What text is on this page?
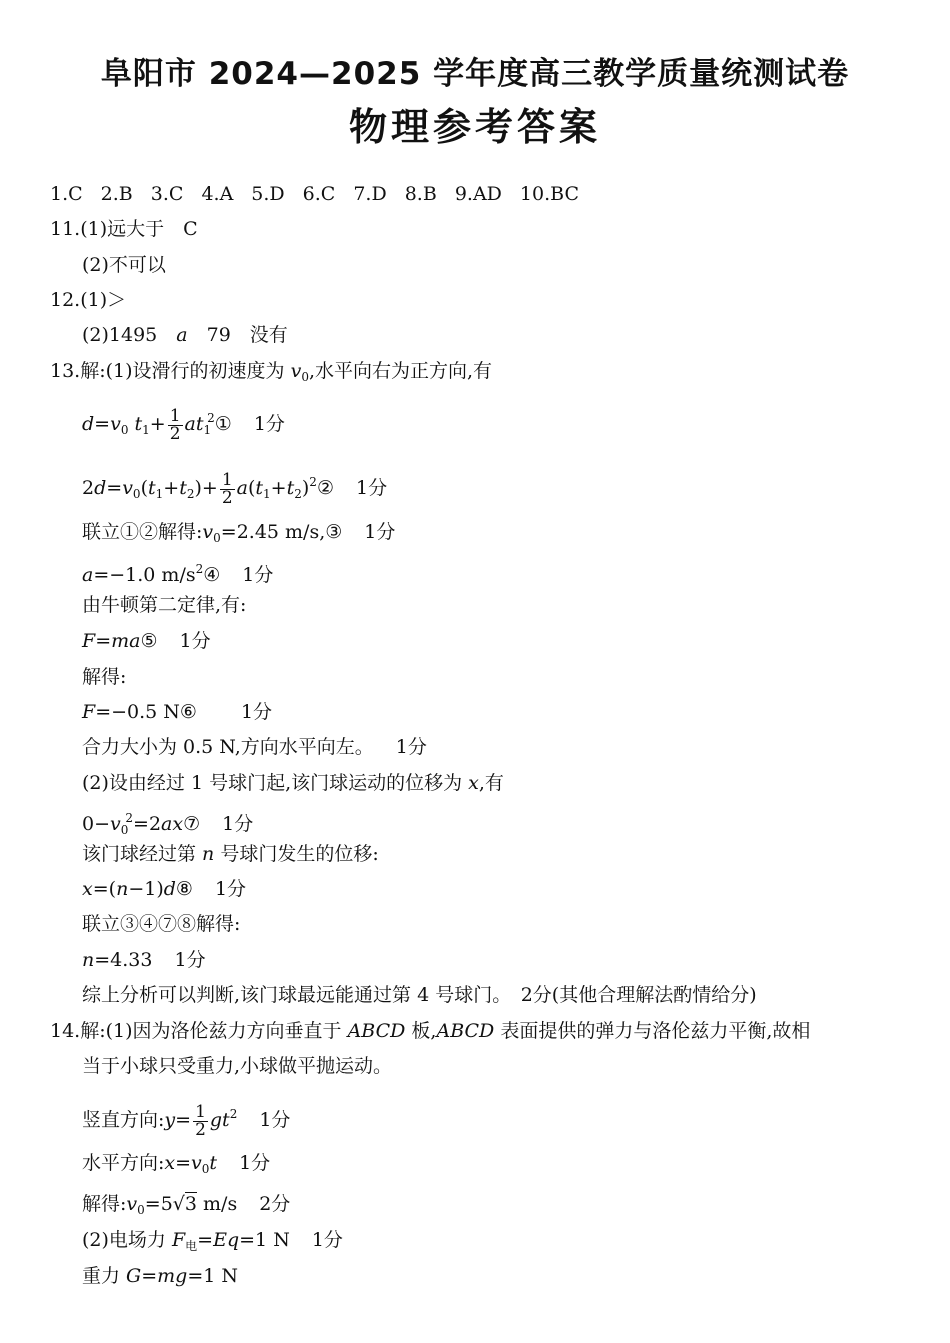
阜阳市 2024—2025 学年度高三教学质量统测试卷
物理参考答案
1.C 2.B 3.C 4.A 5.D 6.C 7.D 8.B 9.AD 10.BC
11.(1)远大于　C
(2)不可以
12.(1)＞
(2)1495　a　79　没有
13.解:(1)设滑行的初速度为 $v_0$,水平向右为正方向,有
$d=v_0$ $t_1+ \frac{1}{2}$ $at_1^2①$ 1分
$2d=v_0(t_1+t_2)+ \frac{1}{2}$ $a(t_1+t_2)^2②$ 1分
联立①②解得$:v_0=2.45$ m/s,③ 1分
a=−1.0 $m/s^2④$ 1分
由牛顿第二定律,有:
F=ma⑤ 1分
解得:
F=−0.5 N⑥ 1分
合力大小为 0.5 N,方向水平向左。 1分
(2)设由经过 1 号球门起,该门球运动的位移为 x,有
$0-v_0^2=2ax⑦$ 1分
该门球经过第 n 号球门发生的位移:
x=(n−1)d⑧ 1分
联立③④⑦⑧解得:
n=4.33 1分
综上分析可以判断,该门球最远能通过第 4 号球门。　2分(其他合理解法酌情给分)
14.解:(1)因为洛伦兹力方向垂直于 ABCD 板,ABCD 表面提供的弹力与洛伦兹力平衡,故相
当于小球只受重力,小球做平抛运动。
竖直方向:y= $\frac{1}{2} gt^2$ 1分
水平方向$:x=v_0t$ 1分
解得$:v_0=5√3$ m/s 2分
(2)电场力 $F_电=Eq=1$ N 1分
重力 G=mg=1 N
